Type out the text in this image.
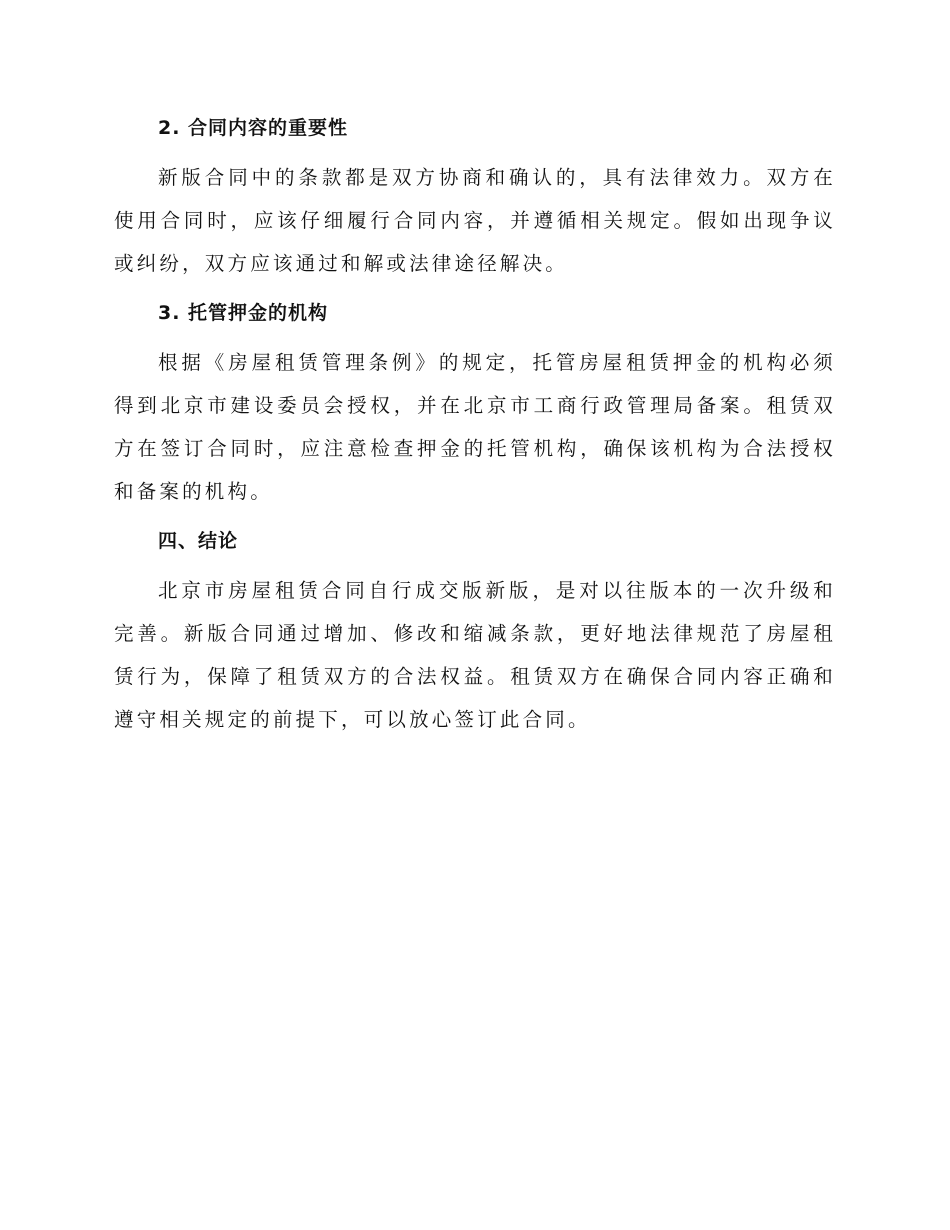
2. 合同内容的重要性

新版合同中的条款都是双方协商和确认的，具有法律效力。双方在使用合同时，应该仔细履行合同内容，并遵循相关规定。假如出现争议或纠纷，双方应该通过和解或法律途径解决。

3. 托管押金的机构

根据《房屋租赁管理条例》的规定，托管房屋租赁押金的机构必须得到北京市建设委员会授权，并在北京市工商行政管理局备案。租赁双方在签订合同时，应注意检查押金的托管机构，确保该机构为合法授权和备案的机构。

四、结论

北京市房屋租赁合同自行成交版新版，是对以往版本的一次升级和完善。新版合同通过增加、修改和缩减条款，更好地法律规范了房屋租赁行为，保障了租赁双方的合法权益。租赁双方在确保合同内容正确和遵守相关规定的前提下，可以放心签订此合同。
